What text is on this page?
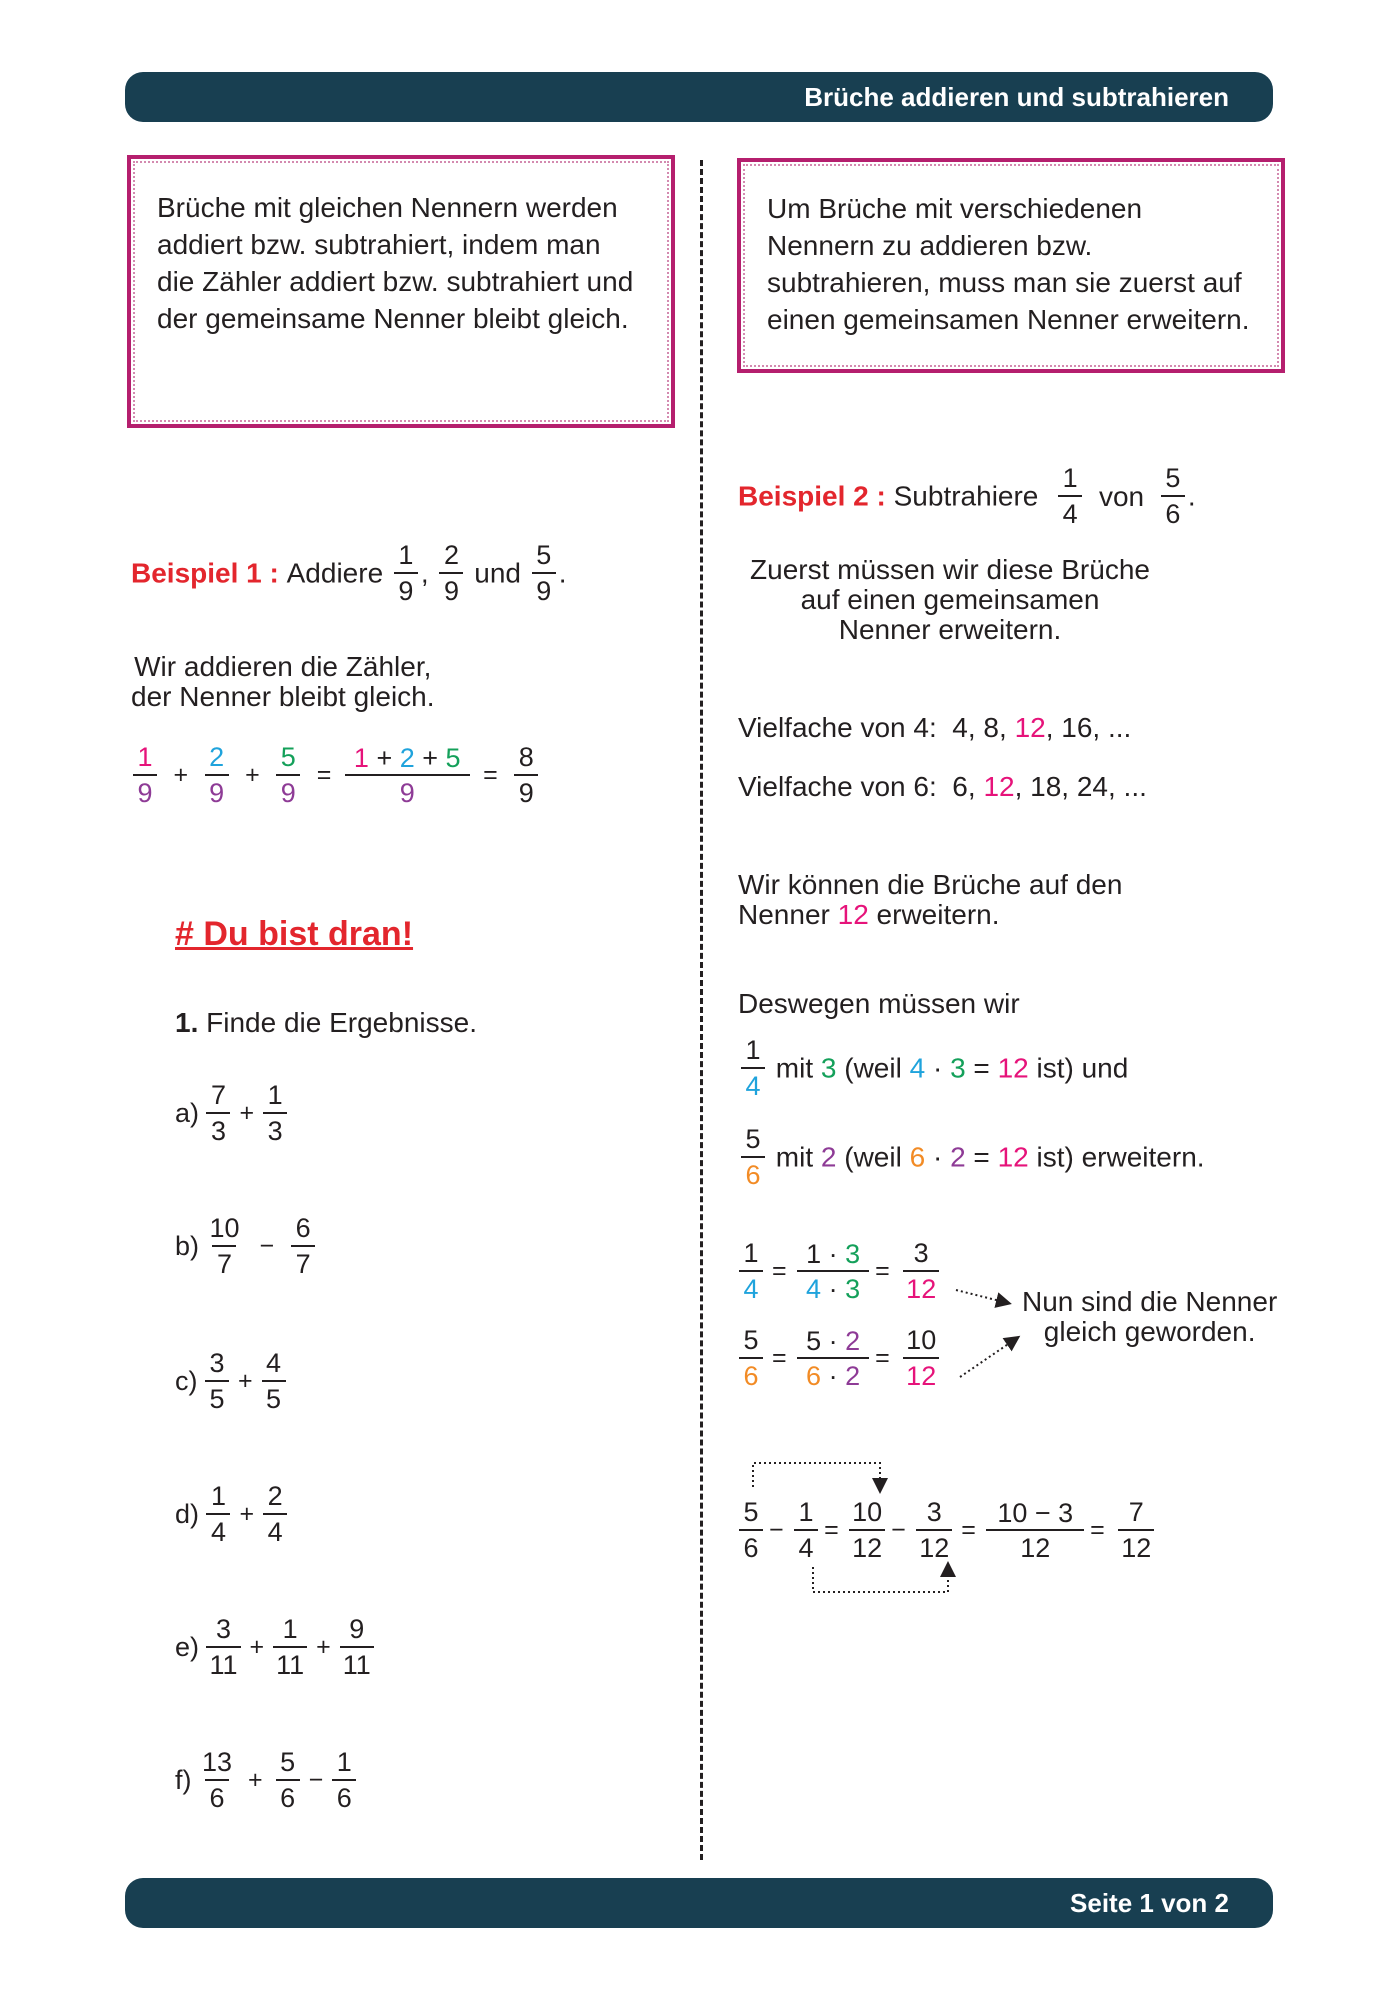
Brüche addieren und subtrahieren
Brüche mit gleichen Nennern werden addiert bzw. subtrahiert, indem man die Zähler addiert bzw. subtrahiert und der gemeinsame Nenner bleibt gleich.
Um Brüche mit verschiedenen Nennern zu addieren bzw. subtrahieren, muss man sie zuerst auf einen gemeinsamen Nenner erweitern.
Beispiel 1 : Addiere $\frac{1}{9}$ , $\frac{2}{9}$ und $\frac{5}{9}$ .
Wir addieren die Zähler,
der Nenner bleibt gleich.
$\frac{1}{9} + \frac{2}{9} + \frac{5}{9} = \frac{1 + 2 + 5}{9} = \frac{8}{9}$
# Du bist dran!
1. Finde die Ergebnisse.
$a) \frac{7}{3} + \frac{1}{3}$
$b) \frac{10}{7} - \frac{6}{7}$
$c) \frac{3}{5} + \frac{4}{5}$
$d) \frac{1}{4} + \frac{2}{4}$
$e) \frac{3}{11} + \frac{1}{11} + \frac{9}{11}$
$f) \frac{13}{6} + \frac{5}{6} - \frac{1}{6}$
Beispiel 2 : Subtrahiere $\frac{1}{4}$ von $\frac{5}{6}$ .
Zuerst müssen wir diese Brüche
auf einen gemeinsamen
Nenner erweitern.
Vielfache von 4: 4, 8, 12, 16, ...
Vielfache von 6: 6, 12, 18, 24, ...
Wir können die Brüche auf den
Nenner 12 erweitern.
Deswegen müssen wir
$\frac{1}{4}$ mit 3 (weil 4 · 3 = 12 ist) und
$\frac{5}{6}$ mit 2 (weil 6 · 2 = 12 ist) erweitern.
$\frac{1}{4} = \frac{1 \cdot 3}{4 \cdot 3} = \frac{3}{12}$
$\frac{5}{6} = \frac{5 \cdot 2}{6 \cdot 2} = \frac{10}{12}$
Nun sind die Nenner
gleich geworden.
$\frac{5}{6} - \frac{1}{4} = \frac{10}{12} - \frac{3}{12} = \frac{10 - 3}{12} = \frac{7}{12}$
Seite 1 von 2
